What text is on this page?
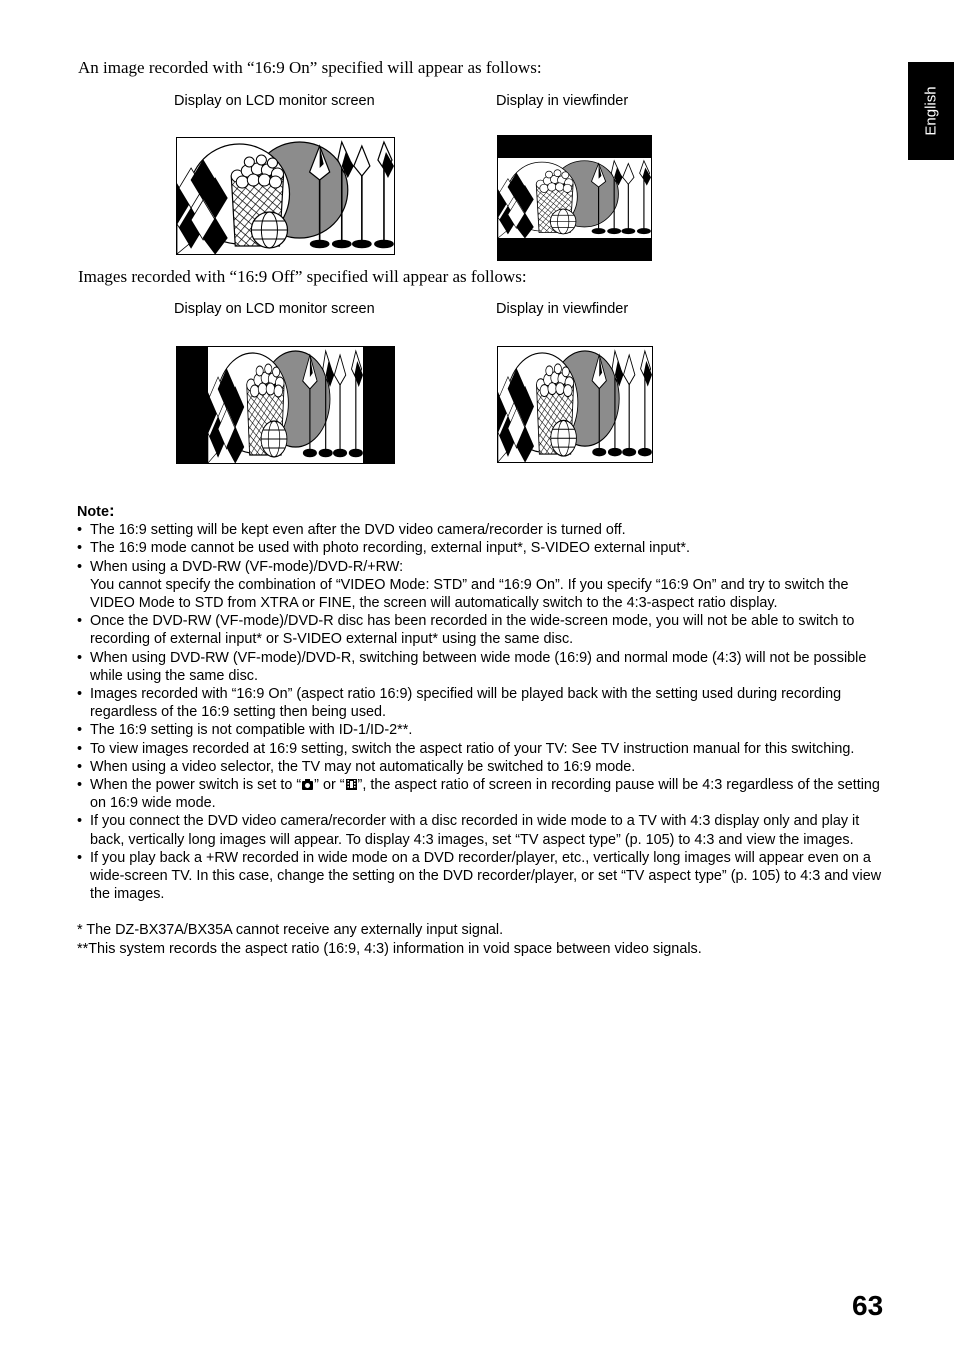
English

An image recorded with “16:9 On” specified will appear as follows:

Display on LCD monitor screen	Display in viewfinder

Images recorded with “16:9 Off” specified will appear as follows:

Display on LCD monitor screen	Display in viewfinder

Note:

• The 16:9 setting will be kept even after the DVD video camera/recorder is turned off.
• The 16:9 mode cannot be used with photo recording, external input*, S-VIDEO external input*.
• When using a DVD-RW (VF-mode)/DVD-R/+RW:
You cannot specify the combination of “VIDEO Mode: STD” and “16:9 On”. If you specify “16:9 On” and try to switch the VIDEO Mode to STD from XTRA or FINE, the screen will automatically switch to the 4:3-aspect ratio display.
• Once the DVD-RW (VF-mode)/DVD-R disc has been recorded in the wide-screen mode, you will not be able to switch to recording of external input* or S-VIDEO external input* using the same disc.
• When using DVD-RW (VF-mode)/DVD-R, switching between wide mode (16:9) and normal mode (4:3) will not be possible while using the same disc.
• Images recorded with “16:9 On” (aspect ratio 16:9) specified will be played back with the setting used during recording regardless of the 16:9 setting then being used.
• The 16:9 setting is not compatible with ID-1/ID-2**.
• To view images recorded at 16:9 setting, switch the aspect ratio of your TV: See TV instruction manual for this switching.
• When using a video selector, the TV may not automatically be switched to 16:9 mode.
• When the power switch is set to “ ” or “ ”, the aspect ratio of screen in recording pause will be 4:3 regardless of the setting on 16:9 wide mode.
• If you connect the DVD video camera/recorder with a disc recorded in wide mode to a TV with 4:3 display only and play it back, vertically long images will appear. To display 4:3 images, set “TV aspect type” (p. 105) to 4:3 and view the images.
• If you play back a +RW recorded in wide mode on a DVD recorder/player, etc., vertically long images will appear even on a wide-screen TV. In this case, change the setting on the DVD recorder/player, or set “TV aspect type” (p. 105) to 4:3 and view the images.

* The DZ-BX37A/BX35A cannot receive any externally input signal.

**This system records the aspect ratio (16:9, 4:3) information in void space between video signals.

63
